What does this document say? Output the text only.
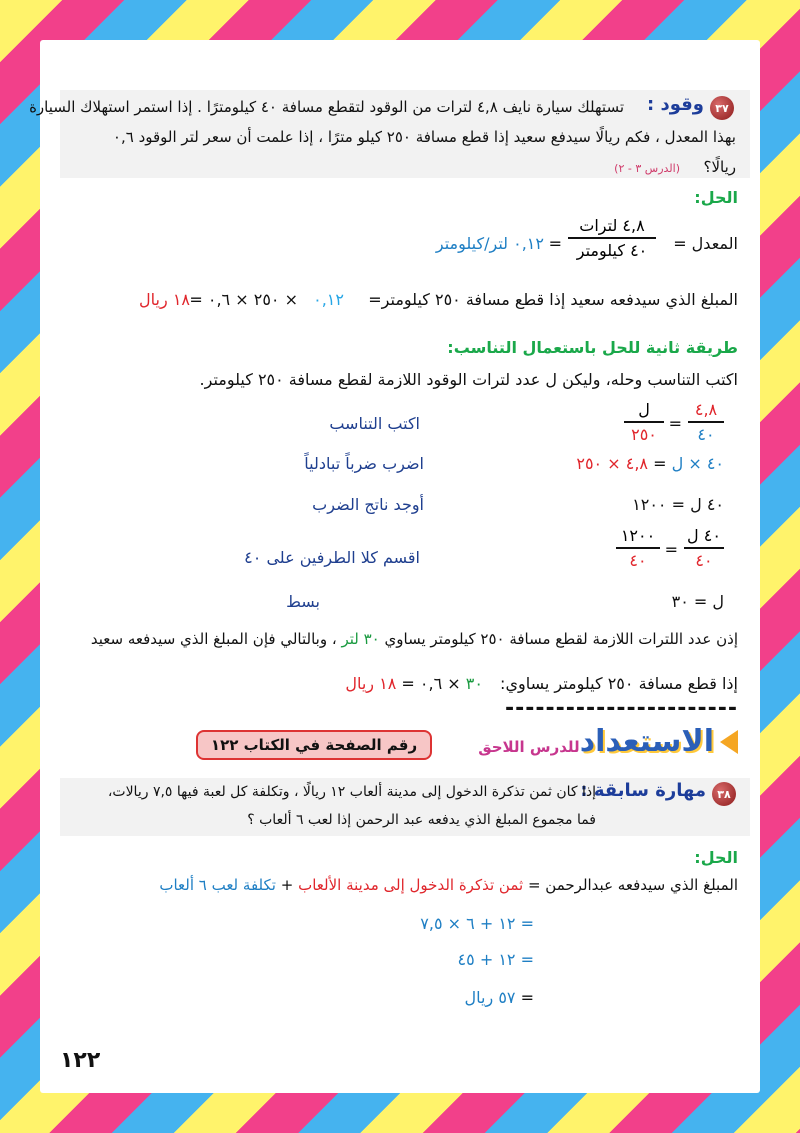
٣٧
وقود :
تستهلك سيارة نايف ٤,٨ لترات من الوقود لتقطع مسافة ٤٠ كيلومترًا . إذا استمر استهلاك السيارة
بهذا المعدل ، فكم ريالًا سيدفع سعيد إذا قطع مسافة ٢٥٠ كيلو مترًا ، إذا علمت أن سعر لتر الوقود ٠,٦
ريالًا؟
(الدرس ٣ - ٢)
الحل:
المعدل =
٤,٨ لترات
٤٠ كيلومتر
=
٠,١٢ لتر/كيلومتر
المبلغ الذي سيدفعه سعيد إذا قطع مسافة ٢٥٠ كيلومتر=
٠,١٢
× ٢٥٠ × ٠,٦ =
١٨ ريال
طريقة ثانية للحل باستعمال التناسب:
اكتب التناسب وحله، وليكن ل عدد لترات الوقود اللازمة لقطع مسافة ٢٥٠ كيلومتر.
٤,٨
٤٠
=
ل
٢٥٠
اكتب التناسب
٤٠ × ل = ٤,٨ × ٢٥٠
اضرب ضرباً تبادلياً
٤٠ ل = ١٢٠٠
أوجد ناتج الضرب
٤٠ ل
٤٠
=
١٢٠٠
٤٠
اقسم كلا الطرفين على ٤٠
ل = ٣٠
بسط
إذن عدد اللترات اللازمة لقطع مسافة ٢٥٠ كيلومتر يساوي ٣٠ لتر ، وبالتالي فإن المبلغ الذي سيدفعه سعيد
إذا قطع مسافة ٢٥٠ كيلومتر يساوي: ٣٠ × ٠,٦ = ١٨ ريال
-----------------------
الاستعداد
للدرس اللاحق
رقم الصفحة في الكتاب ١٢٢
٣٨
مهارة سابقة :
إذا كان ثمن تذكرة الدخول إلى مدينة ألعاب ١٢ ريالًا ، وتكلفة كل لعبة فيها ٧,٥ ريالات،
فما مجموع المبلغ الذي يدفعه عبد الرحمن إذا لعب ٦ ألعاب ؟
الحل:
المبلغ الذي سيدفعه عبدالرحمن = ثمن تذكرة الدخول إلى مدينة الألعاب + تكلفة لعب ٦ ألعاب
= ١٢ + ٦ × ٧,٥
= ١٢ + ٤٥
= ٥٧ ريال
١٢٢
